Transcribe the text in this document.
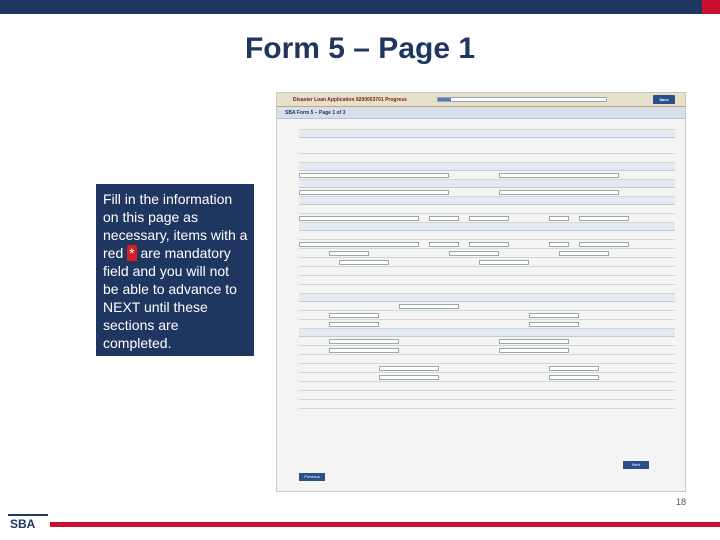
Form 5 – Page 1
Fill in the information on this page as necessary, items with a red * are mandatory field and you will not be able to advance to NEXT until these sections are completed.
Disaster Loan Application 9200003701 Progress	Save
SBA Form 5 – Page 1 of 3
Previous
Next
18
SBA
